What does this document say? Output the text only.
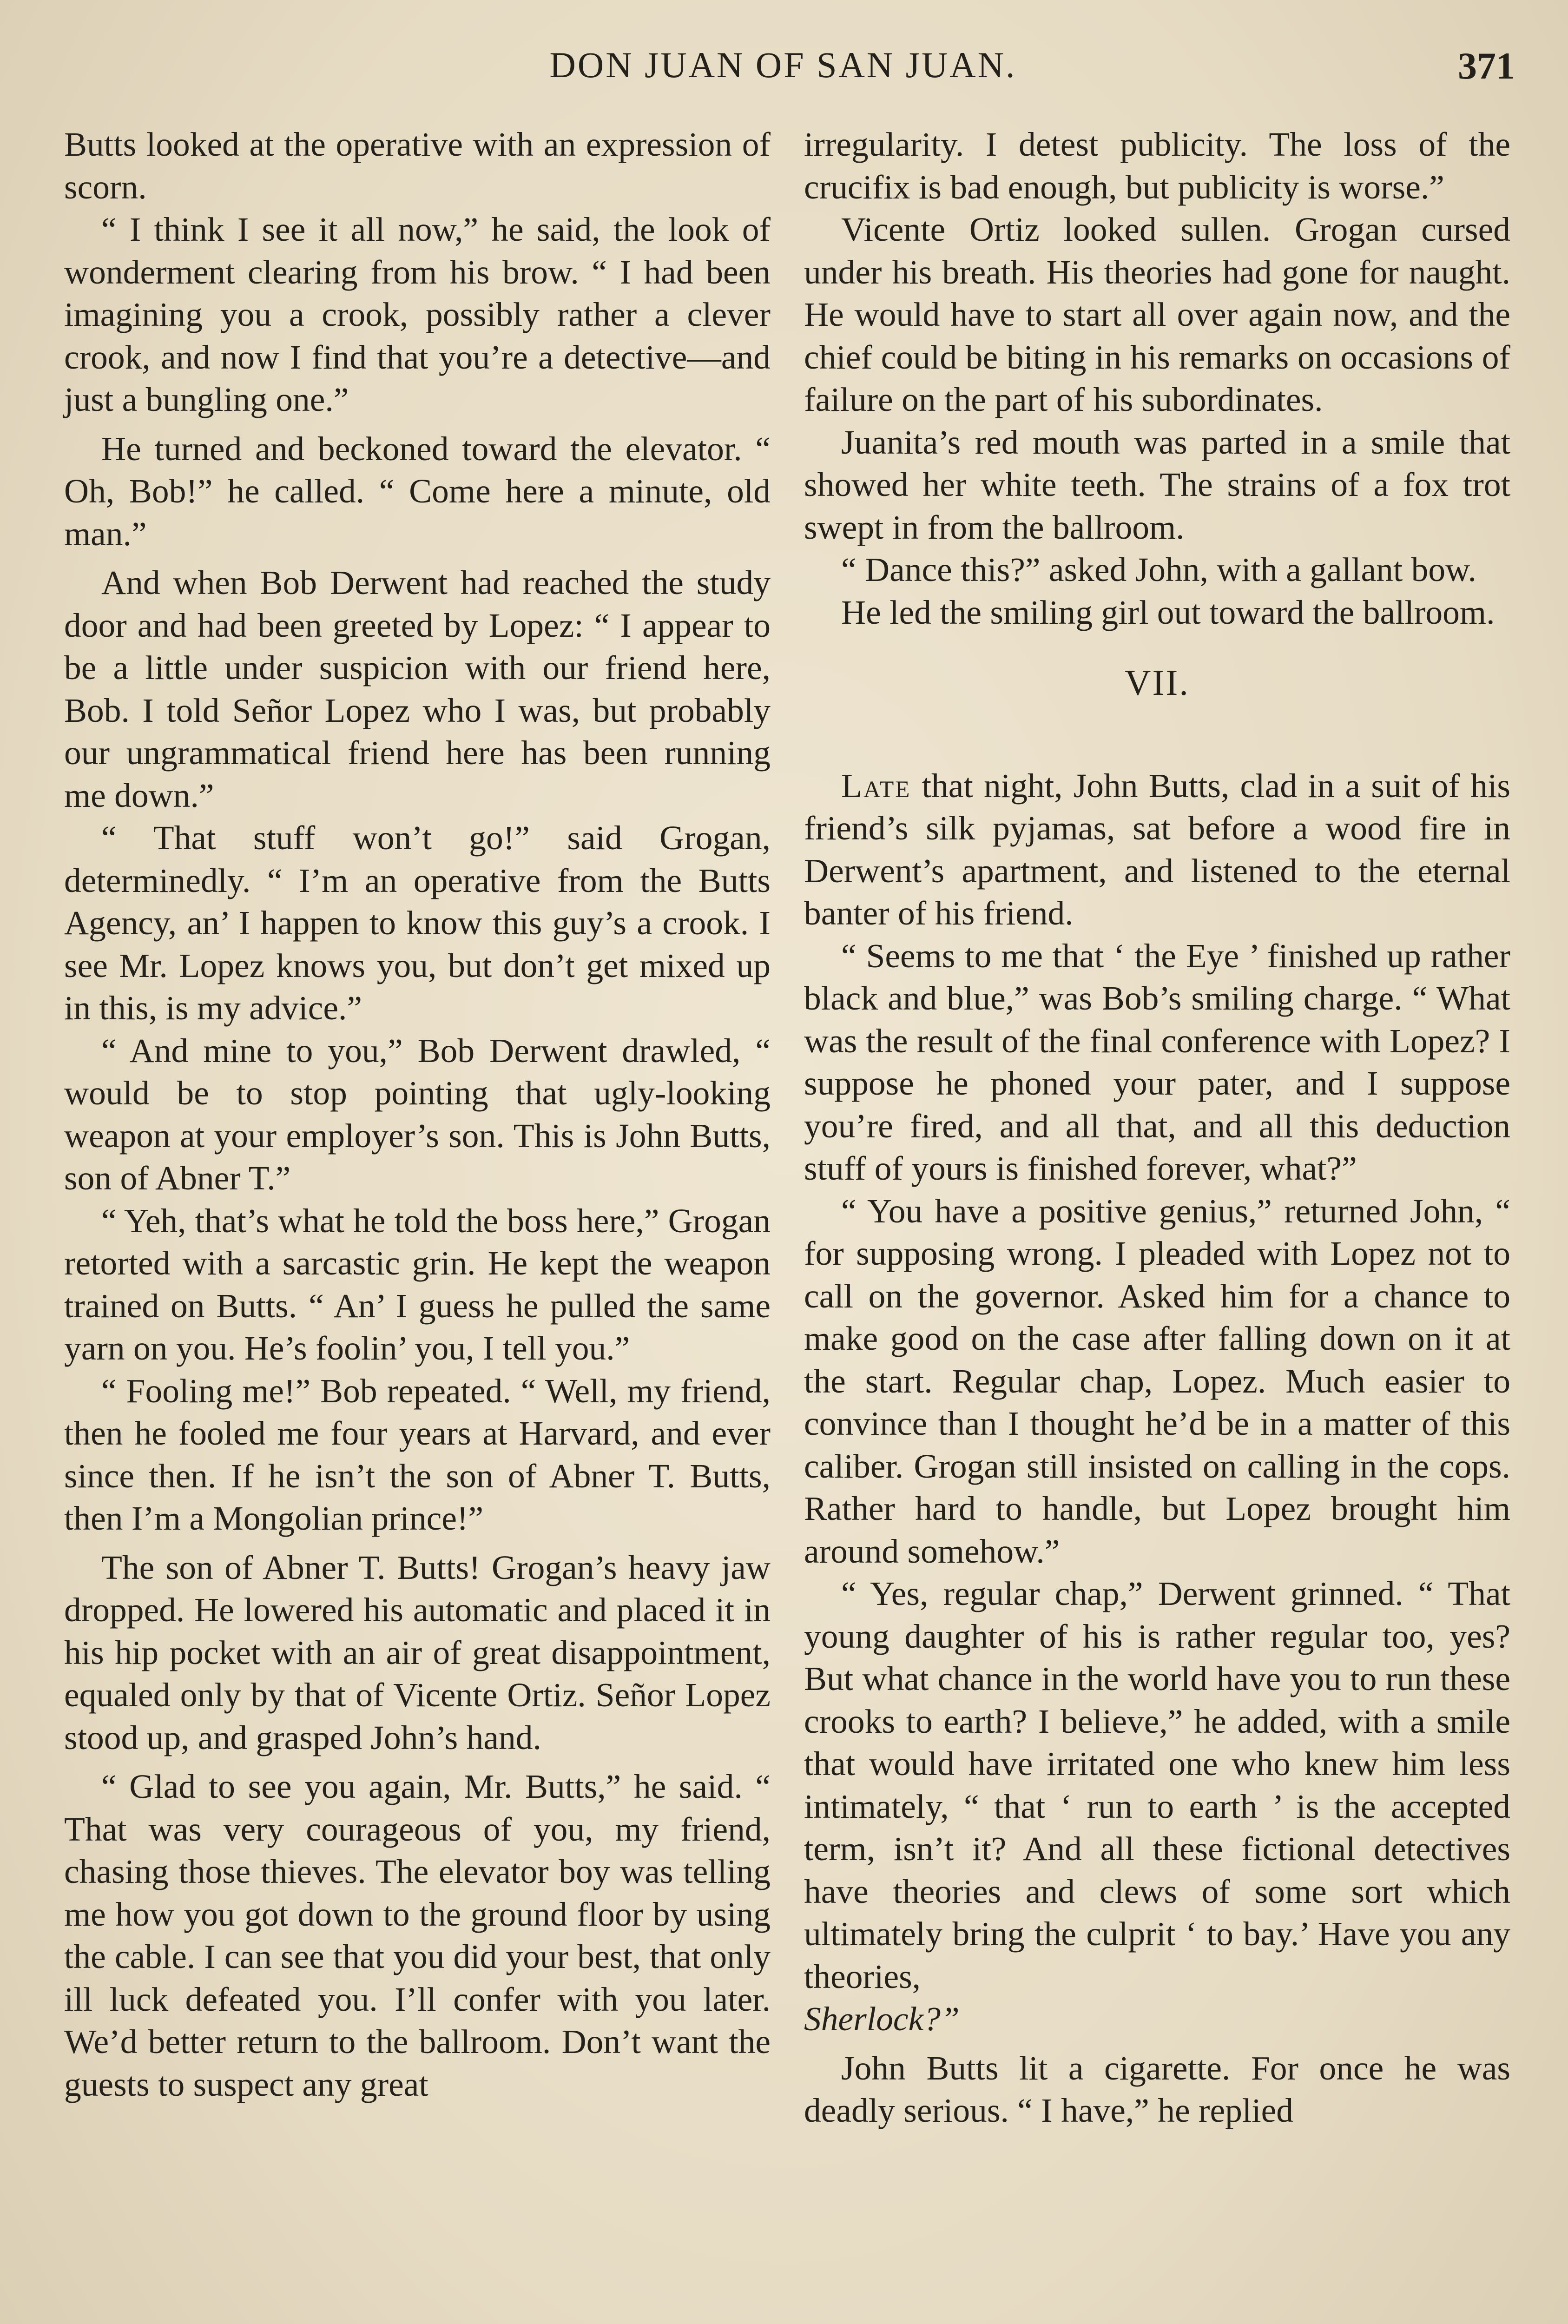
DON JUAN OF SAN JUAN.	371

Butts looked at the operative with an expression of scorn.

“ I think I see it all now,” he said, the look of wonderment clearing from his brow. “ I had been imagining you a crook, possibly rather a clever crook, and now I find that you’re a detective—and just a bungling one.”

He turned and beckoned toward the elevator. “ Oh, Bob!” he called. “ Come here a minute, old man.”

And when Bob Derwent had reached the study door and had been greeted by Lopez: “ I appear to be a little under suspicion with our friend here, Bob. I told Señor Lopez who I was, but probably our ungrammatical friend here has been running me down.”

“ That stuff won’t go!” said Grogan, determinedly. “ I’m an operative from the Butts Agency, an’ I happen to know this guy’s a crook. I see Mr. Lopez knows you, but don’t get mixed up in this, is my advice.”

“ And mine to you,” Bob Derwent drawled, “ would be to stop pointing that ugly-looking weapon at your employer’s son. This is John Butts, son of Abner T.”

“ Yeh, that’s what he told the boss here,” Grogan retorted with a sarcastic grin. He kept the weapon trained on Butts. “ An’ I guess he pulled the same yarn on you. He’s foolin’ you, I tell you.”

“ Fooling me!” Bob repeated. “ Well, my friend, then he fooled me four years at Harvard, and ever since then. If he isn’t the son of Abner T. Butts, then I’m a Mongolian prince!”

The son of Abner T. Butts! Grogan’s heavy jaw dropped. He lowered his automatic and placed it in his hip pocket with an air of great disappointment, equaled only by that of Vicente Ortiz. Señor Lopez stood up, and grasped John’s hand.

“ Glad to see you again, Mr. Butts,” he said. “ That was very courageous of you, my friend, chasing those thieves. The elevator boy was telling me how you got down to the ground floor by using the cable. I can see that you did your best, that only ill luck defeated you. I’ll confer with you later. We’d better return to the ballroom. Don’t want the guests to suspect any great

irregularity. I detest publicity. The loss of the crucifix is bad enough, but publicity is worse.”

Vicente Ortiz looked sullen. Grogan cursed under his breath. His theories had gone for naught. He would have to start all over again now, and the chief could be biting in his remarks on occasions of failure on the part of his subordinates.

Juanita’s red mouth was parted in a smile that showed her white teeth. The strains of a fox trot swept in from the ballroom.

“ Dance this?” asked John, with a gallant bow.

He led the smiling girl out toward the ballroom.

VII.

Late that night, John Butts, clad in a suit of his friend’s silk pyjamas, sat before a wood fire in Derwent’s apartment, and listened to the eternal banter of his friend.

“ Seems to me that ‘ the Eye ’ finished up rather black and blue,” was Bob’s smiling charge. “ What was the result of the final conference with Lopez? I suppose he phoned your pater, and I suppose you’re fired, and all that, and all this deduction stuff of yours is finished forever, what?”

“ You have a positive genius,” returned John, “ for supposing wrong. I pleaded with Lopez not to call on the governor. Asked him for a chance to make good on the case after falling down on it at the start. Regular chap, Lopez. Much easier to convince than I thought he’d be in a matter of this caliber. Grogan still insisted on calling in the cops. Rather hard to handle, but Lopez brought him around somehow.”

“ Yes, regular chap,” Derwent grinned. “ That young daughter of his is rather regular too, yes? But what chance in the world have you to run these crooks to earth? I believe,” he added, with a smile that would have irritated one who knew him less intimately, “ that ‘ run to earth ’ is the accepted term, isn’t it? And all these fictional detectives have theories and clews of some sort which ultimately bring the culprit ‘ to bay.’ Have you any theories,
Sherlock?”

John Butts lit a cigarette. For once he was deadly serious. “ I have,” he replied
